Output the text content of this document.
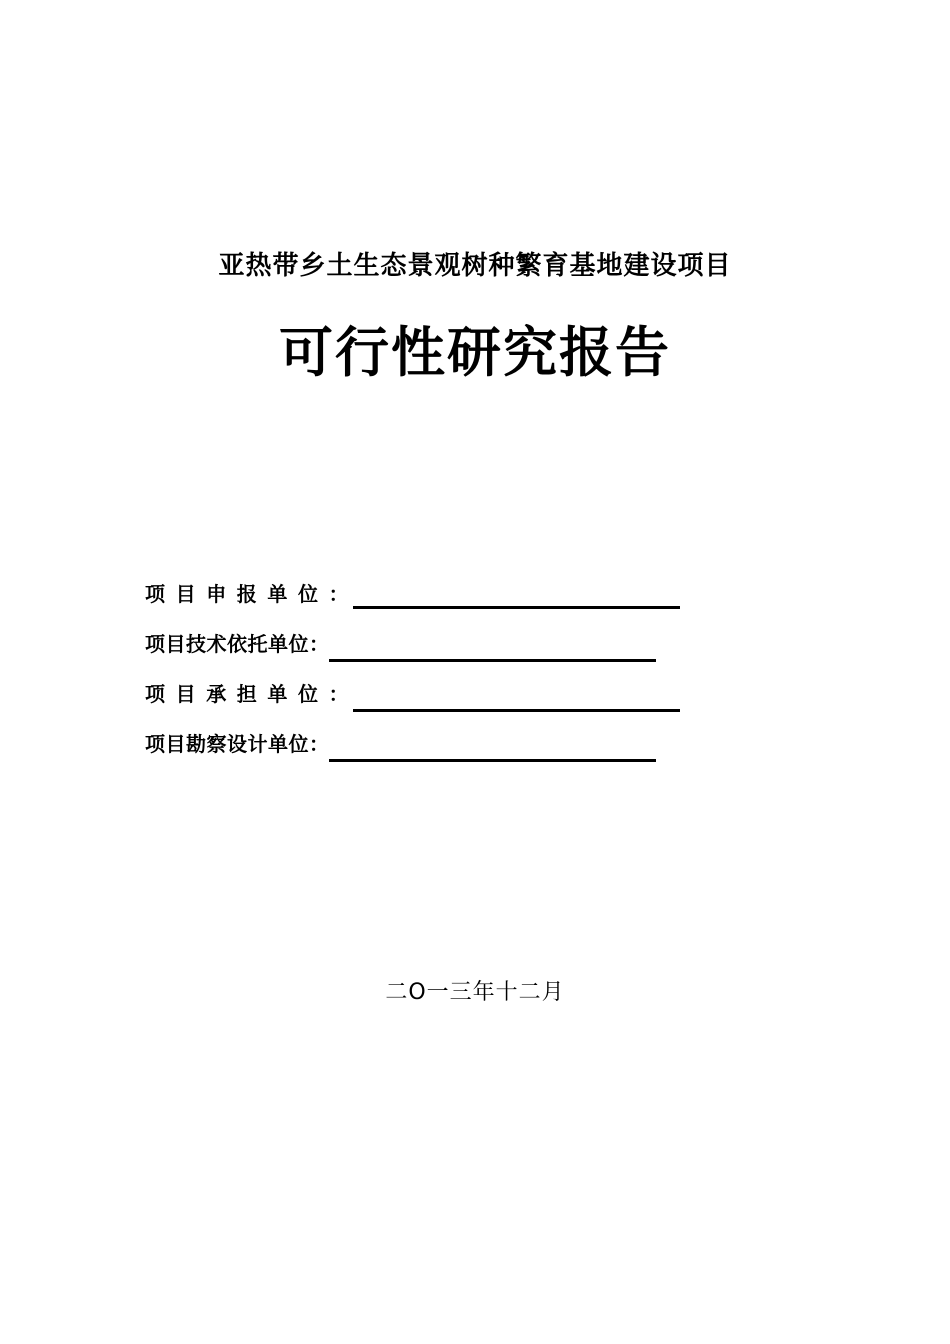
亚热带乡土生态景观树种繁育基地建设项目
可行性研究报告
项目申报单位 ：
项目技术依托单位 ：
项目承担单位 ：
项目勘察设计单位 ：

二O一三年十二月
